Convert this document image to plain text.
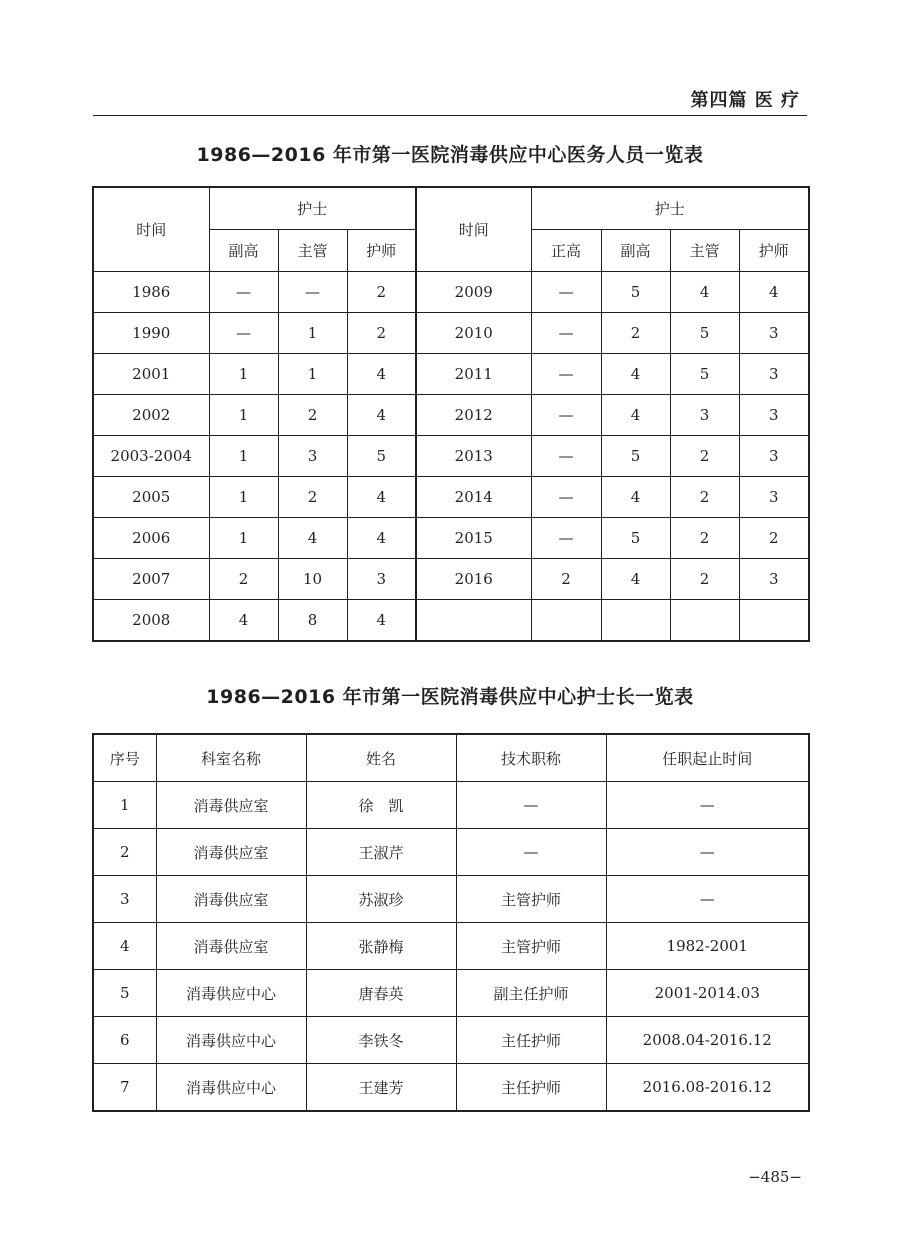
第四篇 医 疗
1986—2016 年市第一医院消毒供应中心医务人员一览表
时间	护士			时间	护士			
	副高	主管	护师		正高	副高	主管	护师
1986	—	—	2	2009	—	5	4	4
1990	—	1	2	2010	—	2	5	3
2001	1	1	4	2011	—	4	5	3
2002	1	2	4	2012	—	4	3	3
2003-2004	1	3	5	2013	—	5	2	3
2005	1	2	4	2014	—	4	2	3
2006	1	4	4	2015	—	5	2	2
2007	2	10	3	2016	2	4	2	3
2008	4	8	4					
1986—2016 年市第一医院消毒供应中心护士长一览表
序号	科室名称	姓名	技术职称	任职起止时间
1	消毒供应室	徐　凯	—	—
2	消毒供应室	王淑芹	—	—
3	消毒供应室	苏淑珍	主管护师	—
4	消毒供应室	张静梅	主管护师	1982-2001
5	消毒供应中心	唐春英	副主任护师	2001-2014.03
6	消毒供应中心	李铁冬	主任护师	2008.04-2016.12
7	消毒供应中心	王建芳	主任护师	2016.08-2016.12
−485−
